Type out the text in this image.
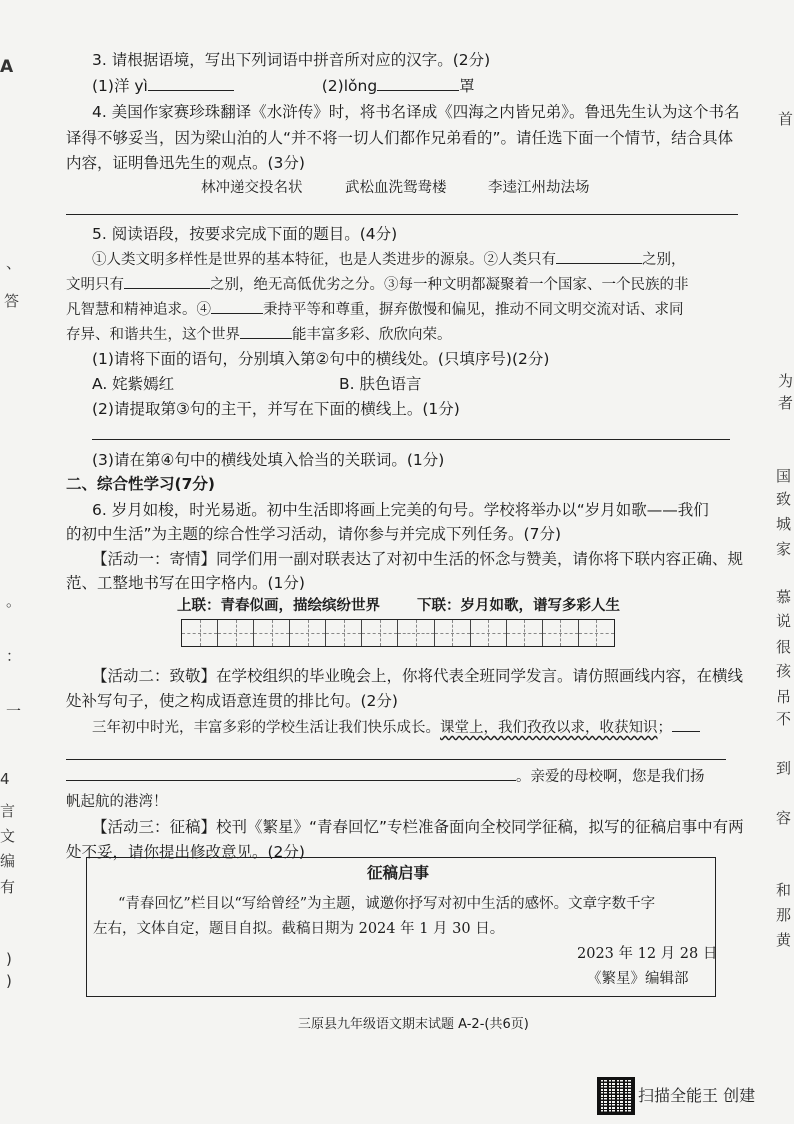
A
、
答
。
：
一
4
言
文
编
有
)
)
首
为
者
国
致
城
家
慕
说
很
孩
吊
不
到
容
和
那
黄
3. 请根据语境，写出下列词语中拼音所对应的汉字。(2分)
(1)洋 yì	(2)lǒng	罩
4. 美国作家赛珍珠翻译《水浒传》时，将书名译成《四海之内皆兄弟》。鲁迅先生认为这个书名
译得不够妥当，因为梁山泊的人“并不将一切人们都作兄弟看的”。请任选下面一个情节，结合具体
内容，证明鲁迅先生的观点。(3分)
林冲递交投名状	武松血洗鸳鸯楼	李逵江州劫法场
5. 阅读语段，按要求完成下面的题目。(4分)
①人类文明多样性是世界的基本特征，也是人类进步的源泉。②人类只有	之别，
文明只有	之别，绝无高低优劣之分。③每一种文明都凝聚着一个国家、一个民族的非
凡智慧和精神追求。④	秉持平等和尊重，摒弃傲慢和偏见，推动不同文明交流对话、求同
存异、和谐共生，这个世界	能丰富多彩、欣欣向荣。
(1)请将下面的语句，分别填入第②句中的横线处。(只填序号)(2分)
A. 姹紫嫣红	B. 肤色语言
(2)请提取第③句的主干，并写在下面的横线上。(1分)
(3)请在第④句中的横线处填入恰当的关联词。(1分)
二、综合性学习(7分)
6. 岁月如梭，时光易逝。初中生活即将画上完美的句号。学校将举办以“岁月如歌——我们
的初中生活”为主题的综合性学习活动，请你参与并完成下列任务。(7分)
【活动一：寄情】同学们用一副对联表达了对初中生活的怀念与赞美，请你将下联内容正确、规
范、工整地书写在田字格内。(1分)
上联：青春似画，描绘缤纷世界	下联：岁月如歌，谱写多彩人生
【活动二：致敬】在学校组织的毕业晚会上，你将代表全班同学发言。请仿照画线内容，在横线
处补写句子，使之构成语意连贯的排比句。(2分)
三年初中时光，丰富多彩的学校生活让我们快乐成长。课堂上，我们孜孜以求，收获知识；
。亲爱的母校啊，您是我们扬
帆起航的港湾！
【活动三：征稿】校刊《繁星》“青春回忆”专栏准备面向全校同学征稿，拟写的征稿启事中有两
处不妥，请你提出修改意见。(2分)
征稿启事
“青春回忆”栏目以“写给曾经”为主题，诚邀你抒写对初中生活的感怀。文章字数千字
左右，文体自定，题目自拟。截稿日期为 2024 年 1 月 30 日。
2023 年 12 月 28 日
《繁星》编辑部
三原县九年级语文期末试题 A-2-(共6页)
扫描全能王 创建
